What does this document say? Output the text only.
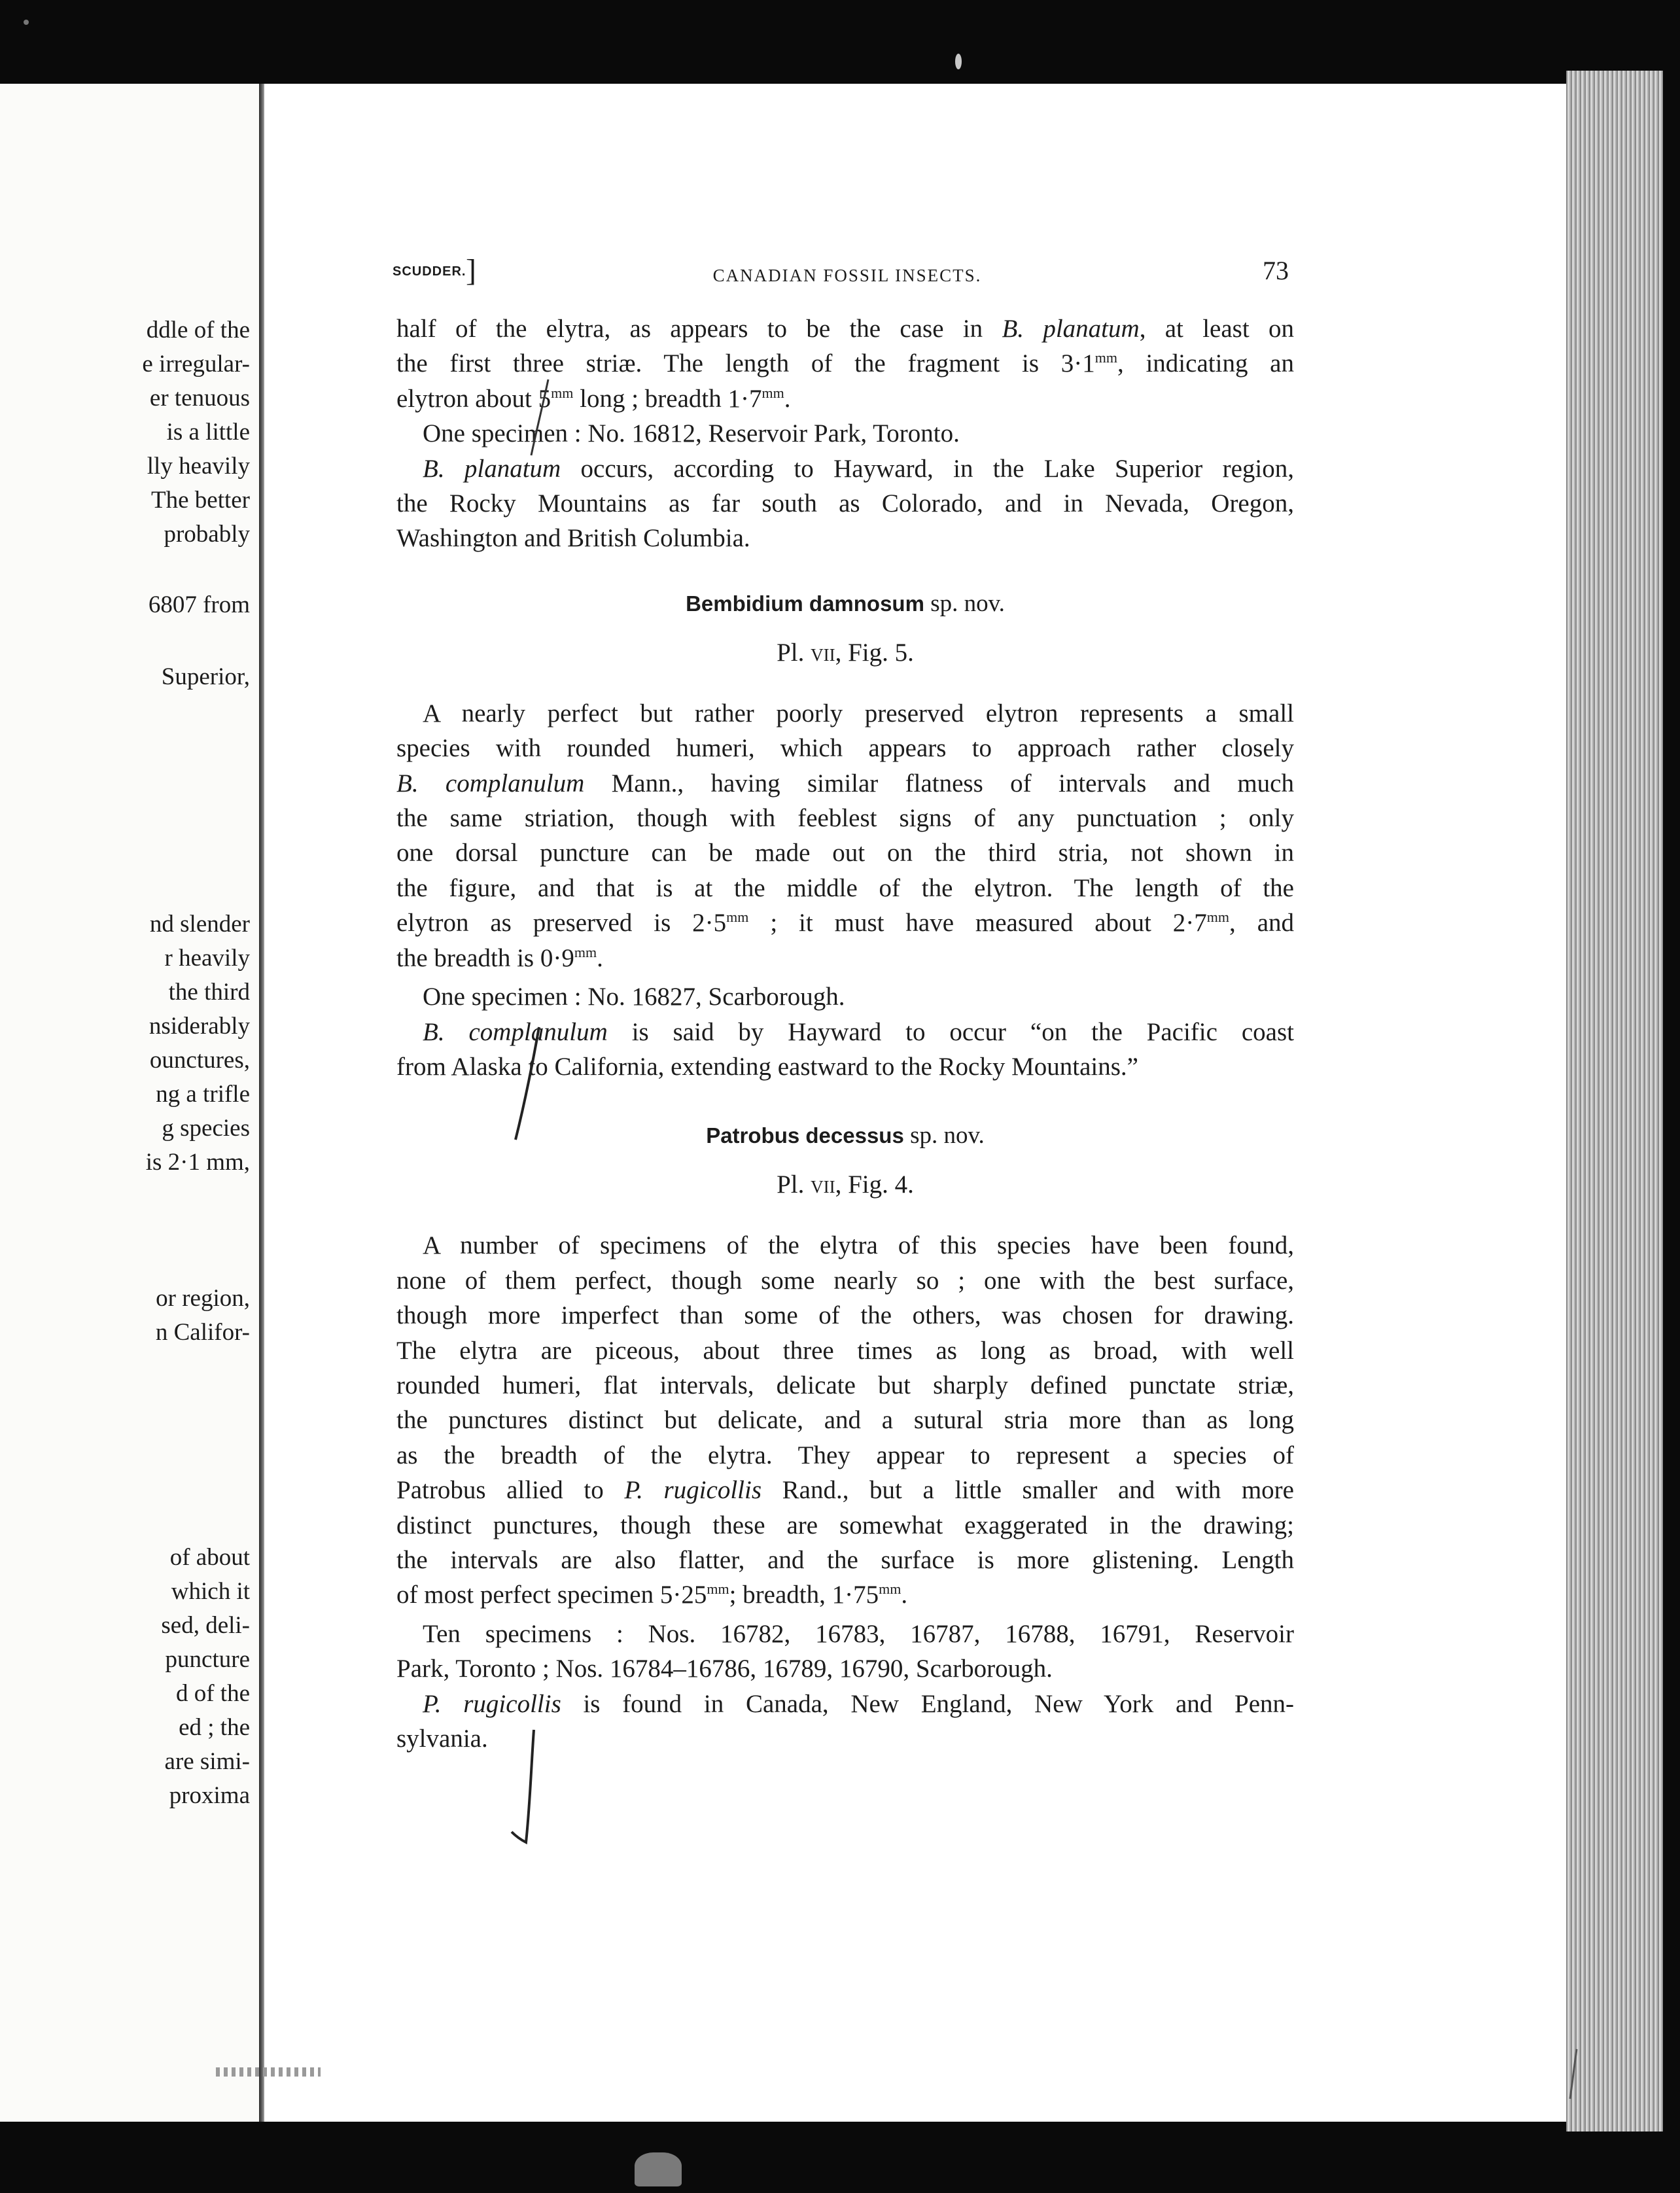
ddle of the
e irregular-
er tenuous
is a little
lly heavily
The better
probably
6807 from
Superior,
nd slender
r heavily
the third
nsiderably
ounctures,
ng a trifle
g species
is 2·1 mm,
or region,
n Califor-
of about
which it
sed, deli-
puncture
d of the
ed ; the
are simi-
proxima
SCUDDER. ]	CANADIAN FOSSIL INSECTS.	73

half of the elytra, as appears to be the case in B. planatum, at least on

the first three striæ. The length of the fragment is $3\cdot 1^{mm}$, indicating an

elytron about $5^{mm}$ long ; breadth $1\cdot 7^{mm}$.

One specimen : No. 16812, Reservoir Park, Toronto.

B. planatum occurs, according to Hayward, in the Lake Superior region,

the Rocky Mountains as far south as Colorado, and in Nevada, Oregon,

Washington and British Columbia.

Bembidium damnosum sp. nov.

Pl. vii, Fig. 5.

A nearly perfect but rather poorly preserved elytron represents a small

species with rounded humeri, which appears to approach rather closely

B. complanulum Mann., having similar flatness of intervals and much

the same striation, though with feeblest signs of any punctuation ; only

one dorsal puncture can be made out on the third stria, not shown in

the figure, and that is at the middle of the elytron. The length of the

elytron as preserved is $2\cdot 5^{mm}$ ; it must have measured about $2\cdot 7^{mm}$, and

the breadth is $0\cdot 9^{mm}$.

One specimen : No. 16827, Scarborough.

B. complanulum is said by Hayward to occur “on the Pacific coast

from Alaska to California, extending eastward to the Rocky Mountains.”

Patrobus decessus sp. nov.

Pl. vii, Fig. 4.

A number of specimens of the elytra of this species have been found,

none of them perfect, though some nearly so ; one with the best surface,

though more imperfect than some of the others, was chosen for drawing.

The elytra are piceous, about three times as long as broad, with well

rounded humeri, flat intervals, delicate but sharply defined punctate striæ,

the punctures distinct but delicate, and a sutural stria more than as long

as the breadth of the elytra. They appear to represent a species of

Patrobus allied to P. rugicollis Rand., but a little smaller and with more

distinct punctures, though these are somewhat exaggerated in the drawing;

the intervals are also flatter, and the surface is more glistening. Length

of most perfect specimen $5\cdot 25^{mm}$; breadth, $1\cdot 75^{mm}$.

Ten specimens : Nos. 16782, 16783, 16787, 16788, 16791, Reservoir

Park, Toronto ; Nos. 16784–16786, 16789, 16790, Scarborough.

P. rugicollis is found in Canada, New England, New York and Penn-

sylvania.
